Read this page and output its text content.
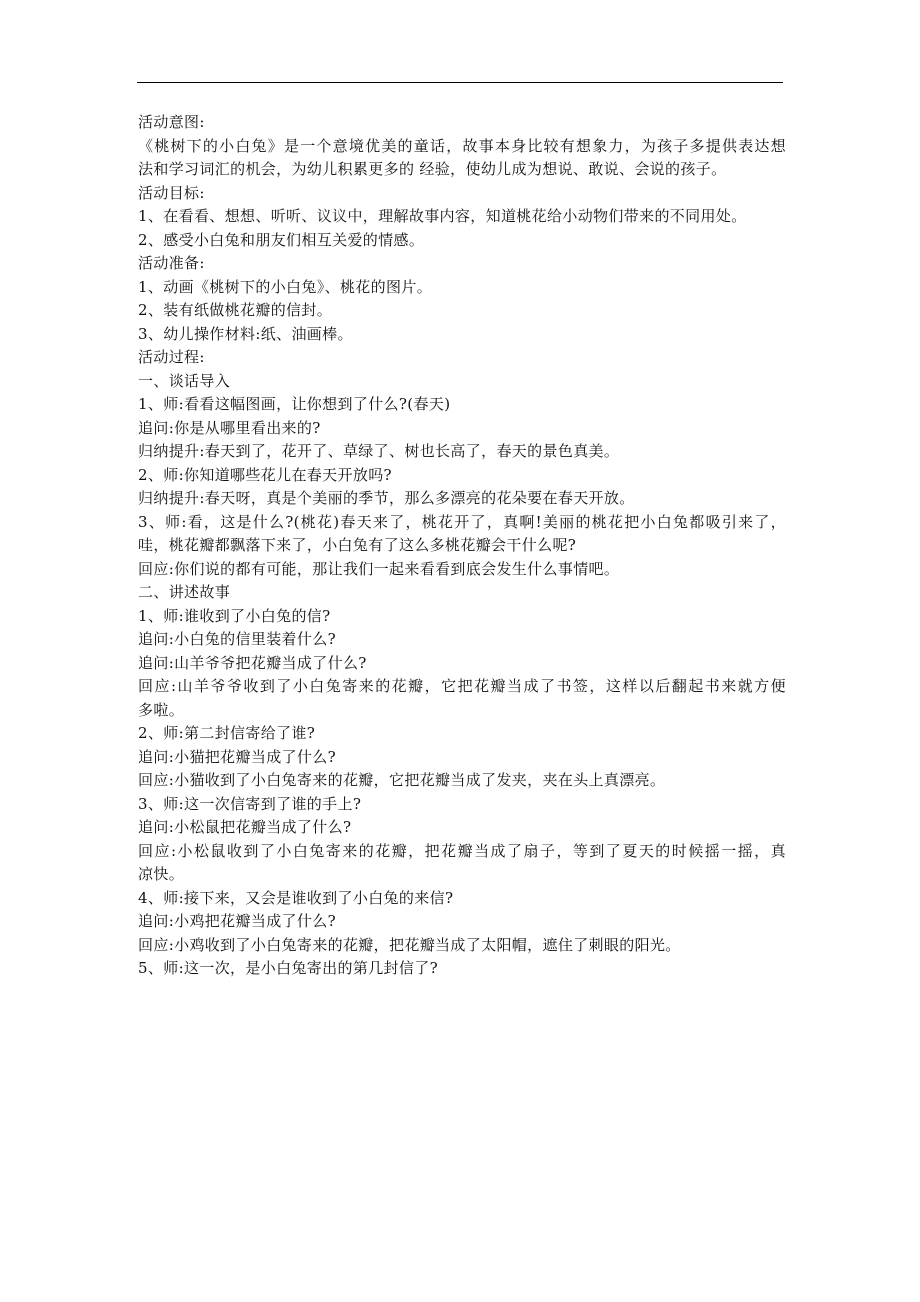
活动意图:

《桃树下的小白兔》是一个意境优美的童话，故事本身比较有想象力，为孩子多提供表达想

法和学习词汇的机会，为幼儿积累更多的 经验，使幼儿成为想说、敢说、会说的孩子。

活动目标:

1、在看看、想想、听听、议议中，理解故事内容，知道桃花给小动物们带来的不同用处。

2、感受小白兔和朋友们相互关爱的情感。

活动准备:

1、动画《桃树下的小白兔》、桃花的图片。

2、装有纸做桃花瓣的信封。

3、幼儿操作材料:纸、油画棒。

活动过程:

一、谈话导入

1、师:看看这幅图画，让你想到了什么?(春天)

追问:你是从哪里看出来的?

归纳提升:春天到了，花开了、草绿了、树也长高了，春天的景色真美。

2、师:你知道哪些花儿在春天开放吗?

归纳提升:春天呀，真是个美丽的季节，那么多漂亮的花朵要在春天开放。

3、师:看，这是什么?(桃花)春天来了，桃花开了，真啊!美丽的桃花把小白兔都吸引来了，

哇，桃花瓣都飘落下来了，小白兔有了这么多桃花瓣会干什么呢?

回应:你们说的都有可能，那让我们一起来看看到底会发生什么事情吧。

二、讲述故事

1、师:谁收到了小白兔的信?

追问:小白兔的信里装着什么?

追问:山羊爷爷把花瓣当成了什么?

回应:山羊爷爷收到了小白兔寄来的花瓣，它把花瓣当成了书签，这样以后翻起书来就方便

多啦。

2、师:第二封信寄给了谁?

追问:小猫把花瓣当成了什么?

回应:小猫收到了小白兔寄来的花瓣，它把花瓣当成了发夹，夹在头上真漂亮。

3、师:这一次信寄到了谁的手上?

追问:小松鼠把花瓣当成了什么?

回应:小松鼠收到了小白兔寄来的花瓣，把花瓣当成了扇子，等到了夏天的时候摇一摇，真

凉快。

4、师:接下来，又会是谁收到了小白兔的来信?

追问:小鸡把花瓣当成了什么?

回应:小鸡收到了小白兔寄来的花瓣，把花瓣当成了太阳帽，遮住了刺眼的阳光。

5、师:这一次，是小白兔寄出的第几封信了?
